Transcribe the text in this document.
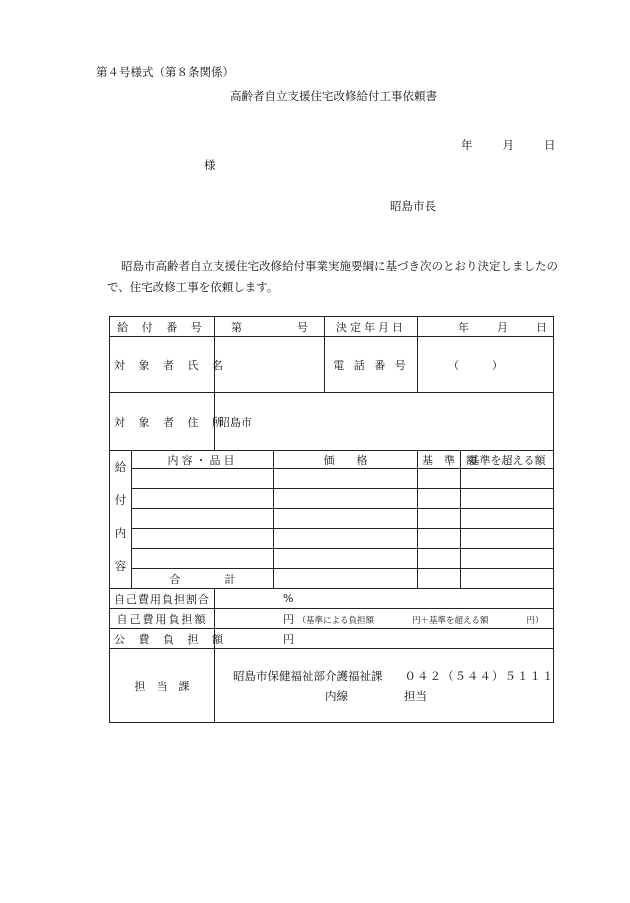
第４号様式（第８条関係）
高齢者自立支援住宅改修給付工事依頼書
年	月	日
様
昭島市長
昭島市高齢者自立支援住宅改修給付事業実施要綱に基づき次のとおり決定しましたので、住宅改修工事を依頼します。
給 付 番 号		第 号		決定年月日	年 月 日	

対 象 者 氏 名				電 話 番 号	（　　　）	
対 象 者 住 所		昭島市				

給
付
内
容	内容・品目		価　　格		基　準　額	基準を超える額

	合　　　　計					
自己費用負担割合		%				
自己費用負担額		円 （基準による負担額 円＋基準を超える額 円）				
公 費 負 担 額		円				
担　当　課		昭島市保健福祉部介護福祉課 ０４２（５４４）５１１１
内線 担当				
